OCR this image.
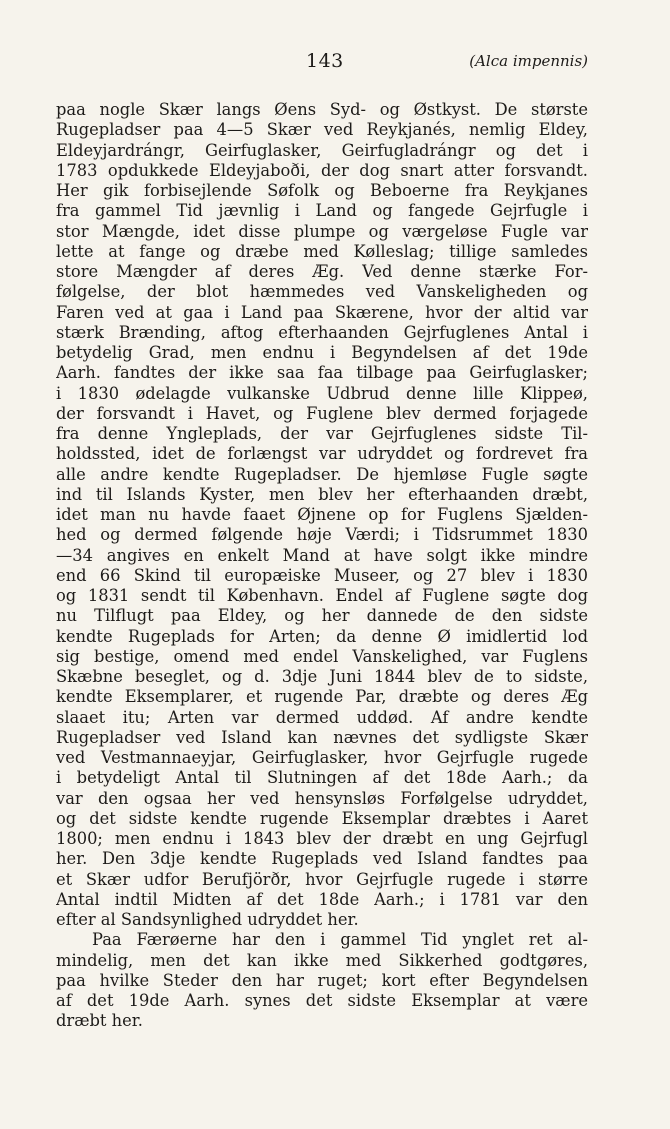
143	(Alca impennis)
paa nogle Skær langs Øens Syd- og Østkyst. De største
Rugepladser paa 4—5 Skær ved Reykjanés, nemlig Eldey,
Eldeyjardrángr, Geirfuglasker, Geirfugladrángr og det i
1783 opdukkede Eldeyjaboði, der dog snart atter forsvandt.
Her gik forbisejlende Søfolk og Beboerne fra Reykjanes
fra gammel Tid jævnlig i Land og fangede Gejrfugle i
stor Mængde, idet disse plumpe og værgeløse Fugle var
lette at fange og dræbe med Kølleslag; tillige samledes
store Mængder af deres Æg. Ved denne stærke For-
følgelse, der blot hæmmedes ved Vanskeligheden og
Faren ved at gaa i Land paa Skærene, hvor der altid var
stærk Brænding, aftog efterhaanden Gejrfuglenes Antal i
betydelig Grad, men endnu i Begyndelsen af det 19de
Aarh. fandtes der ikke saa faa tilbage paa Geirfuglasker;
i 1830 ødelagde vulkanske Udbrud denne lille Klippeø,
der forsvandt i Havet, og Fuglene blev dermed forjagede
fra denne Yngleplads, der var Gejrfuglenes sidste Til-
holdssted, idet de forlængst var udryddet og fordrevet fra
alle andre kendte Rugepladser. De hjemløse Fugle søgte
ind til Islands Kyster, men blev her efterhaanden dræbt,
idet man nu havde faaet Øjnene op for Fuglens Sjælden-
hed og dermed følgende høje Værdi; i Tidsrummet 1830
—34 angives en enkelt Mand at have solgt ikke mindre
end 66 Skind til europæiske Museer, og 27 blev i 1830
og 1831 sendt til København. Endel af Fuglene søgte dog
nu Tilflugt paa Eldey, og her dannede de den sidste
kendte Rugeplads for Arten; da denne Ø imidlertid lod
sig bestige, omend med endel Vanskelighed, var Fuglens
Skæbne beseglet, og d. 3dje Juni 1844 blev de to sidste,
kendte Eksemplarer, et rugende Par, dræbte og deres Æg
slaaet itu; Arten var dermed uddød. Af andre kendte
Rugepladser ved Island kan nævnes det sydligste Skær
ved Vestmannaeyjar, Geirfuglasker, hvor Gejrfugle rugede
i betydeligt Antal til Slutningen af det 18de Aarh.; da
var den ogsaa her ved hensynsløs Forfølgelse udryddet,
og det sidste kendte rugende Eksemplar dræbtes i Aaret
1800; men endnu i 1843 blev der dræbt en ung Gejrfugl
her. Den 3dje kendte Rugeplads ved Island fandtes paa
et Skær udfor Berufjörðr, hvor Gejrfugle rugede i større
Antal indtil Midten af det 18de Aarh.; i 1781 var den
efter al Sandsynlighed udryddet her.
Paa Færøerne har den i gammel Tid ynglet ret al-
mindelig, men det kan ikke med Sikkerhed godtgøres,
paa hvilke Steder den har ruget; kort efter Begyndelsen
af det 19de Aarh. synes det sidste Eksemplar at være
dræbt her.
